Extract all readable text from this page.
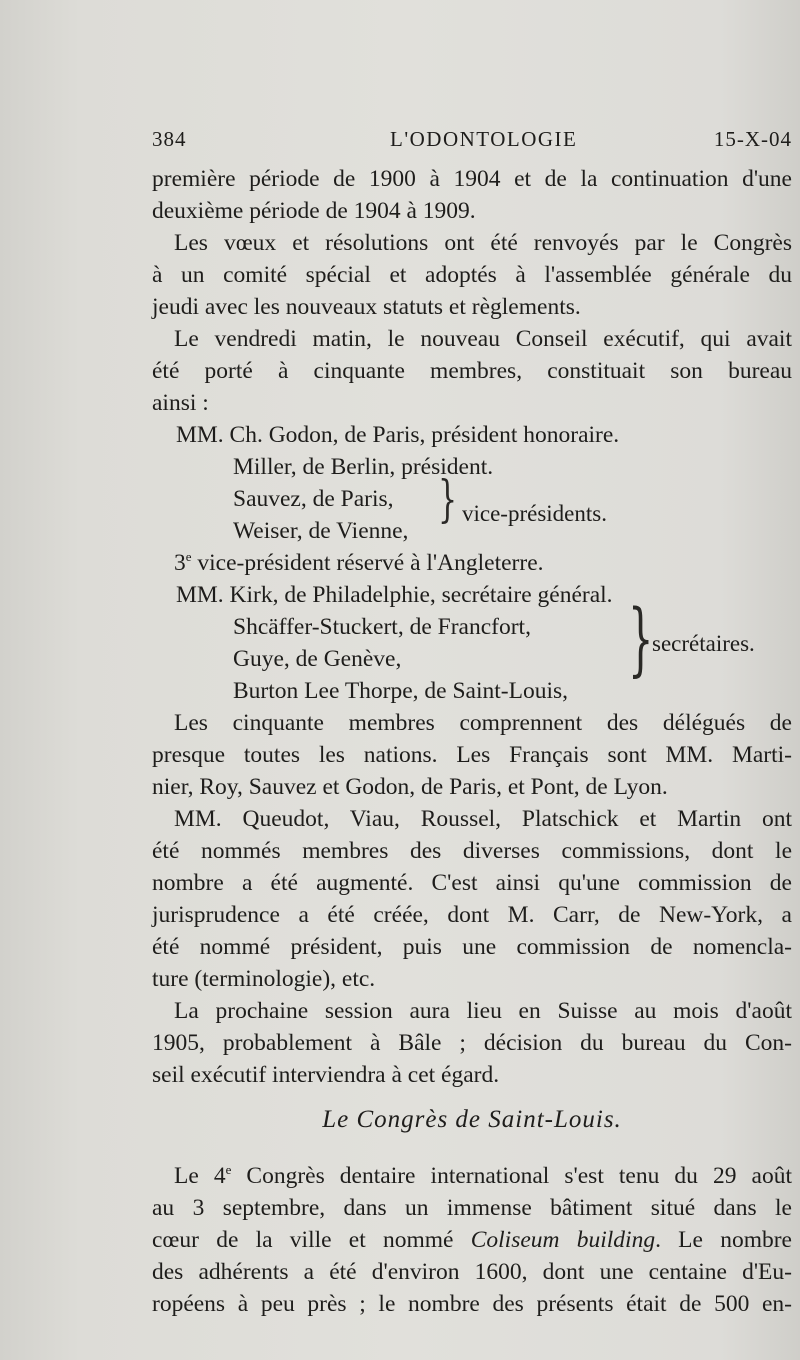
384	L'ODONTOLOGIE	15-X-04
première période de 1900 à 1904 et de la continuation d'une
deuxième période de 1904 à 1909.
Les vœux et résolutions ont été renvoyés par le Congrès
à un comité spécial et adoptés à l'assemblée générale du
jeudi avec les nouveaux statuts et règlements.
Le vendredi matin, le nouveau Conseil exécutif, qui avait
été porté à cinquante membres, constituait son bureau
ainsi :
MM. Ch. Godon, de Paris, président honoraire.
Miller, de Berlin, président.
Sauvez, de Paris,
Weiser, de Vienne,
} vice-présidents.
3e vice-président réservé à l'Angleterre.
MM. Kirk, de Philadelphie, secrétaire général.
Shcäffer-Stuckert, de Francfort,
Guye, de Genève,
Burton Lee Thorpe, de Saint-Louis,
}
secrétaires.
Les cinquante membres comprennent des délégués de
presque toutes les nations. Les Français sont MM. Marti-
nier, Roy, Sauvez et Godon, de Paris, et Pont, de Lyon.
MM. Queudot, Viau, Roussel, Platschick et Martin ont
été nommés membres des diverses commissions, dont le
nombre a été augmenté. C'est ainsi qu'une commission de
jurisprudence a été créée, dont M. Carr, de New-York, a
été nommé président, puis une commission de nomencla-
ture (terminologie), etc.
La prochaine session aura lieu en Suisse au mois d'août
1905, probablement à Bâle ; décision du bureau du Con-
seil exécutif interviendra à cet égard.
Le Congrès de Saint-Louis.
Le 4e Congrès dentaire international s'est tenu du 29 août
au 3 septembre, dans un immense bâtiment situé dans le
cœur de la ville et nommé Coliseum building. Le nombre
des adhérents a été d'environ 1600, dont une centaine d'Eu-
ropéens à peu près ; le nombre des présents était de 500 en-
